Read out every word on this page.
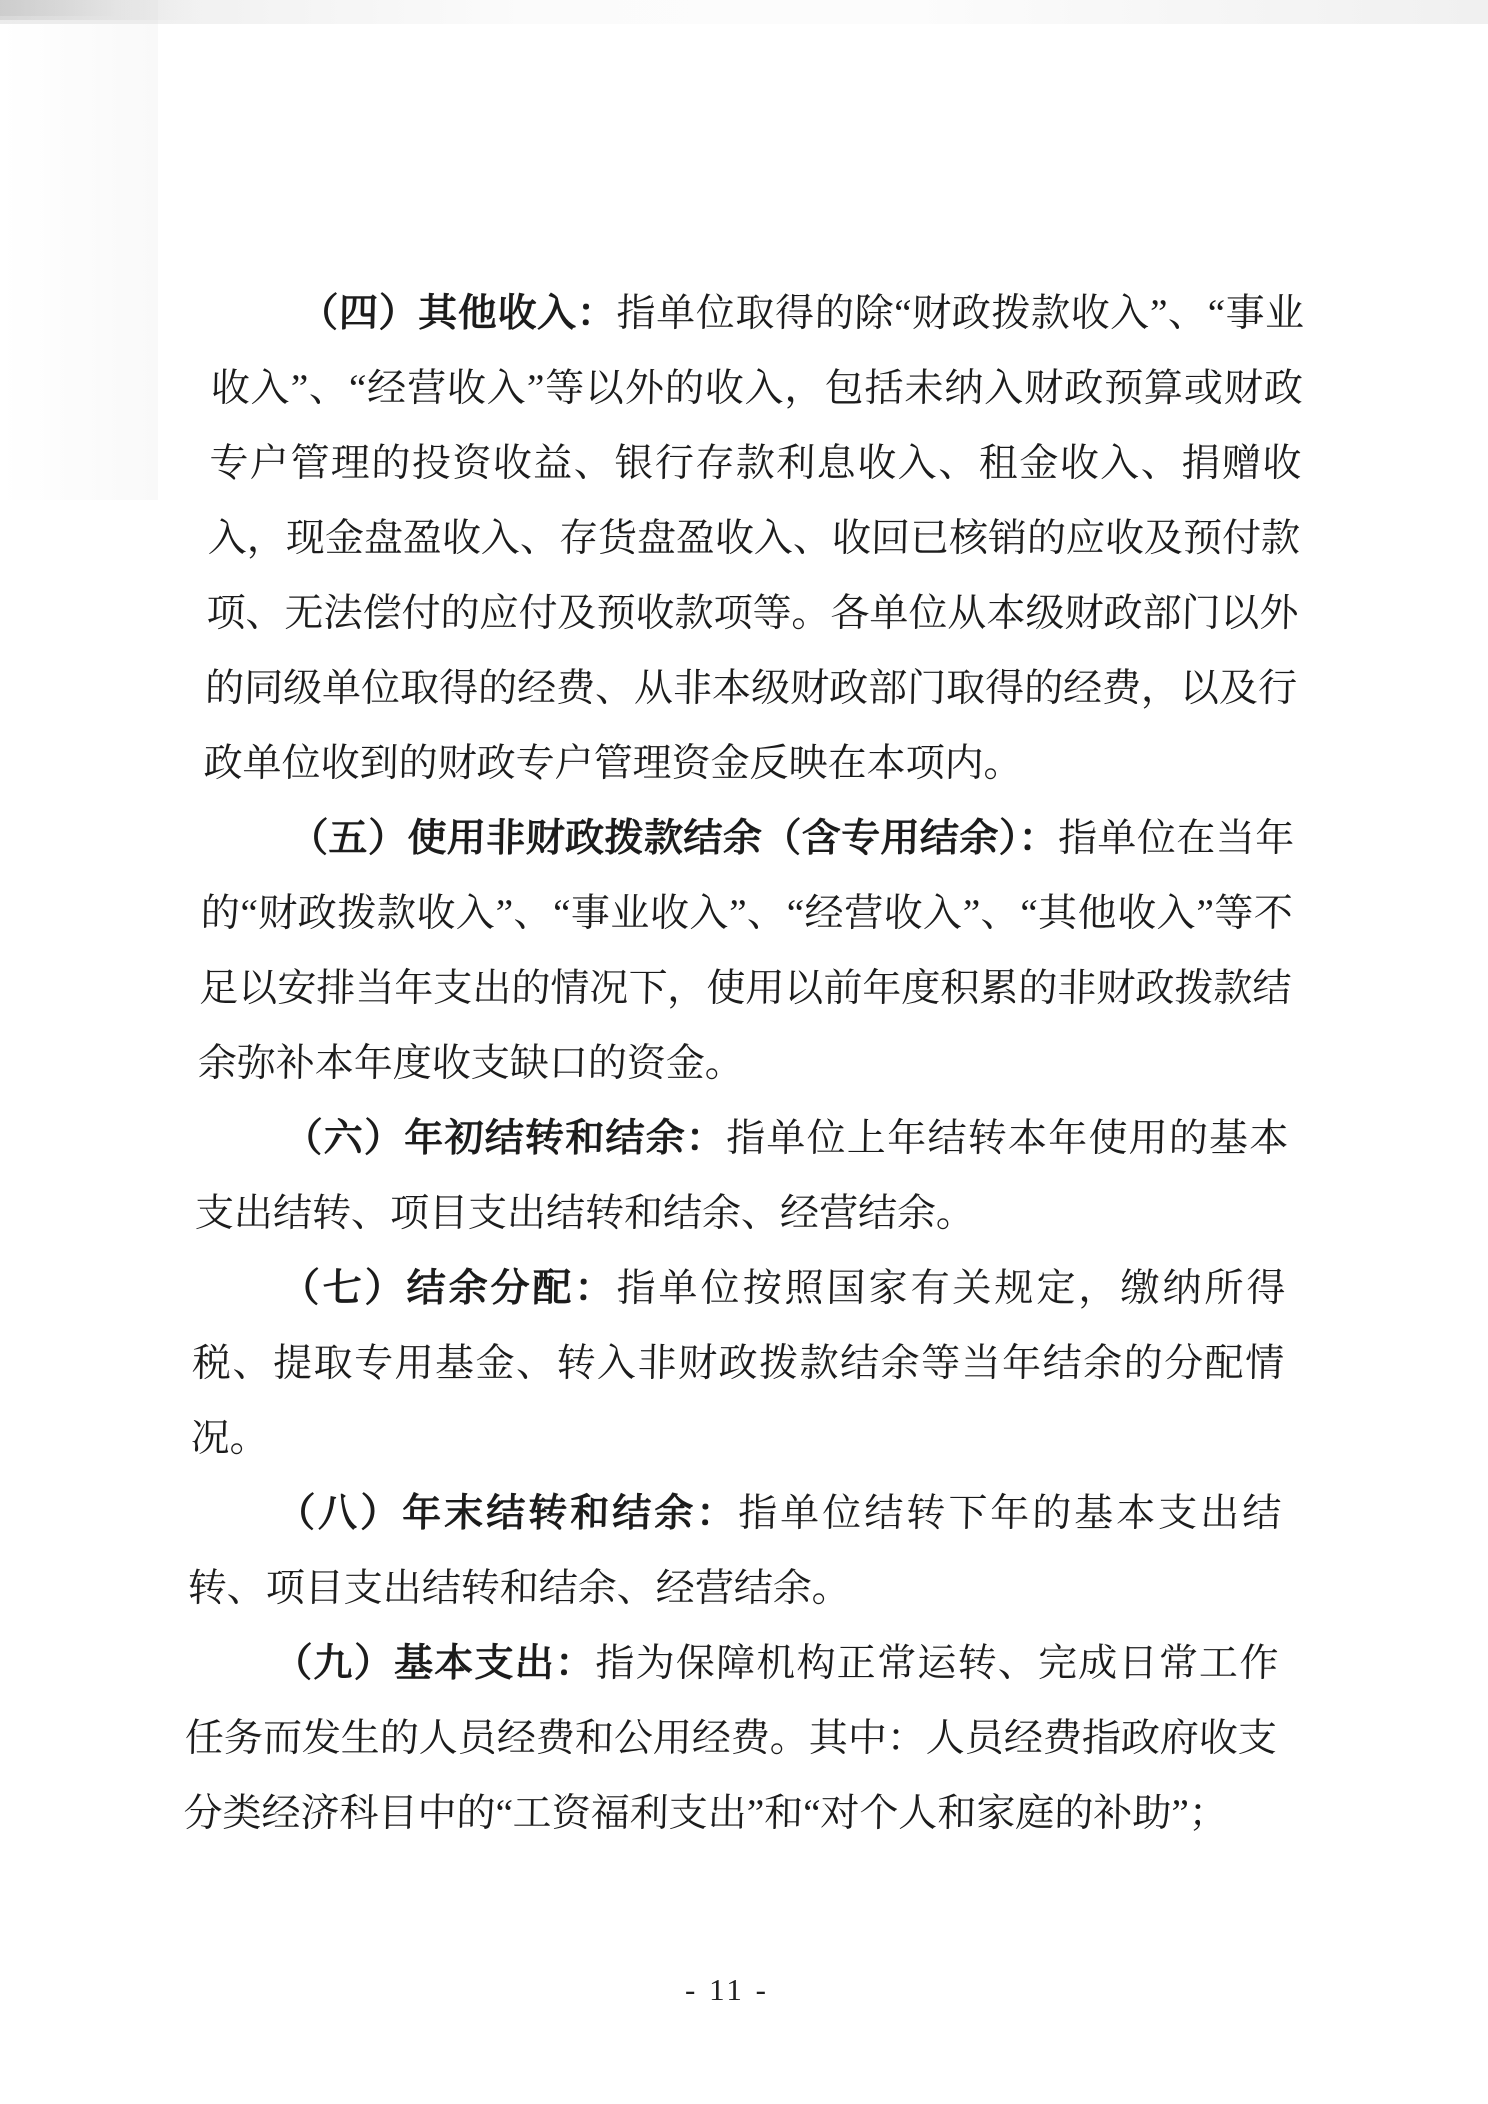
（四）其他收入：指单位取得的除“财政拨款收入”、“事业收入”、“经营收入”等以外的收入，包括未纳入财政预算或财政专户管理的投资收益、银行存款利息收入、租金收入、捐赠收入，现金盘盈收入、存货盘盈收入、收回已核销的应收及预付款项、无法偿付的应付及预收款项等。各单位从本级财政部门以外的同级单位取得的经费、从非本级财政部门取得的经费，以及行政单位收到的财政专户管理资金反映在本项内。

（五）使用非财政拨款结余（含专用结余）：指单位在当年的“财政拨款收入”、“事业收入”、“经营收入”、“其他收入”等不足以安排当年支出的情况下，使用以前年度积累的非财政拨款结余弥补本年度收支缺口的资金。

（六）年初结转和结余：指单位上年结转本年使用的基本支出结转、项目支出结转和结余、经营结余。

（七）结余分配：指单位按照国家有关规定，缴纳所得税、提取专用基金、转入非财政拨款结余等当年结余的分配情况。

（八）年末结转和结余：指单位结转下年的基本支出结转、项目支出结转和结余、经营结余。

（九）基本支出：指为保障机构正常运转、完成日常工作任务而发生的人员经费和公用经费。其中：人员经费指政府收支分类经济科目中的“工资福利支出”和“对个人和家庭的补助”；

- 11 -
